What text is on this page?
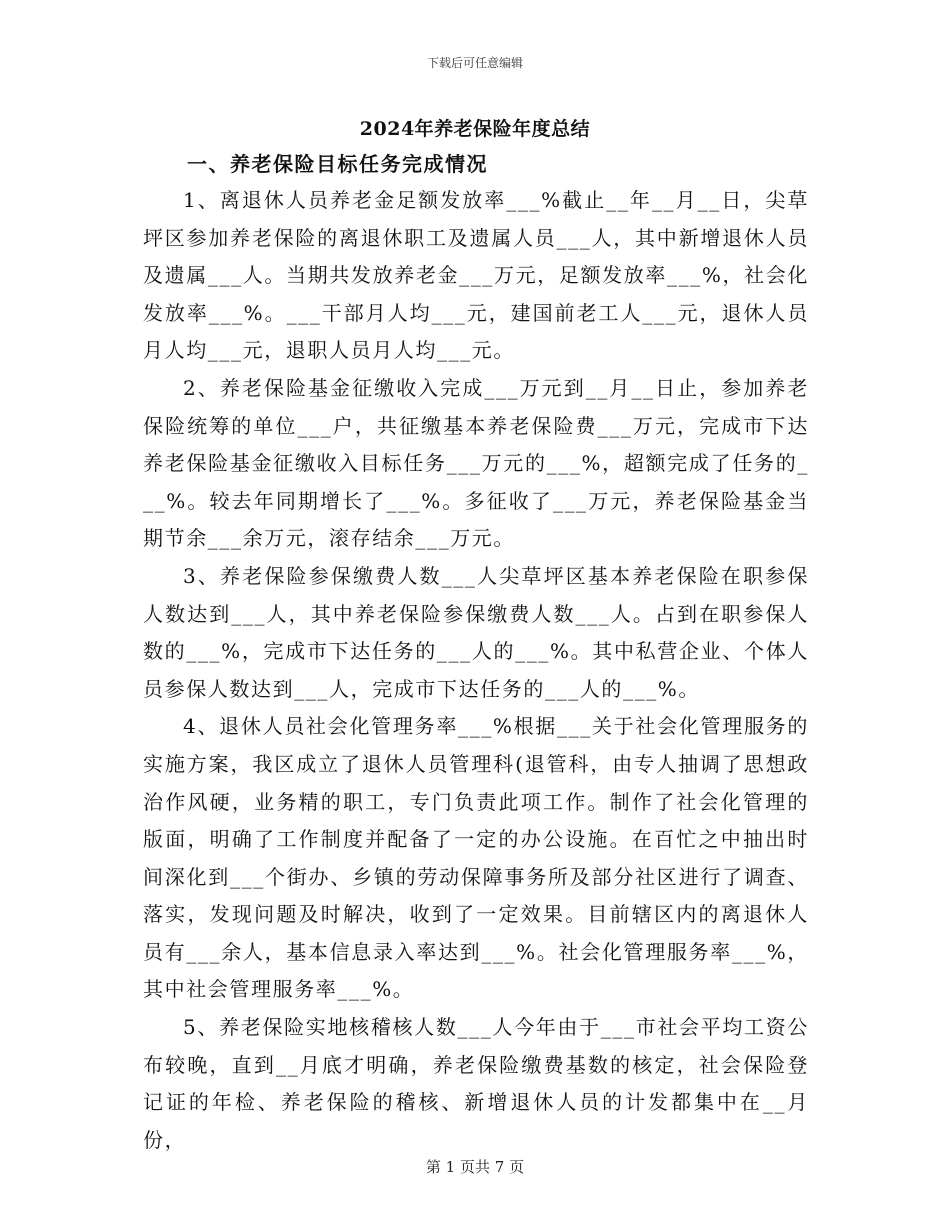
下载后可任意编辑
2024年养老保险年度总结
一、养老保险目标任务完成情况

1、离退休人员养老金足额发放率___%截止__年__月__日，尖草坪区参加养老保险的离退休职工及遗属人员___人，其中新增退休人员及遗属___人。当期共发放养老金___万元，足额发放率___%，社会化发放率___%。___干部月人均___元，建国前老工人___元，退休人员月人均___元，退职人员月人均___元。

2、养老保险基金征缴收入完成___万元到__月__日止，参加养老保险统筹的单位___户，共征缴基本养老保险费___万元，完成市下达养老保险基金征缴收入目标任务___万元的___%，超额完成了任务的___%。较去年同期增长了___%。多征收了___万元，养老保险基金当期节余___余万元，滚存结余___万元。

3、养老保险参保缴费人数___人尖草坪区基本养老保险在职参保人数达到___人，其中养老保险参保缴费人数___人。占到在职参保人数的___%，完成市下达任务的___人的___%。其中私营企业、个体人员参保人数达到___人，完成市下达任务的___人的___%。

4、退休人员社会化管理务率___%根据___关于社会化管理服务的实施方案，我区成立了退休人员管理科(退管科，由专人抽调了思想政治作风硬，业务精的职工，专门负责此项工作。制作了社会化管理的版面，明确了工作制度并配备了一定的办公设施。在百忙之中抽出时间深化到___个街办、乡镇的劳动保障事务所及部分社区进行了调查、落实，发现问题及时解决，收到了一定效果。目前辖区内的离退休人员有___余人，基本信息录入率达到___%。社会化管理服务率___%，其中社会管理服务率___%。

5、养老保险实地核稽核人数___人今年由于___市社会平均工资公布较晚，直到__月底才明确，养老保险缴费基数的核定，社会保险登记证的年检、养老保险的稽核、新增退休人员的计发都集中在__月份，

第 1 页共 7 页
